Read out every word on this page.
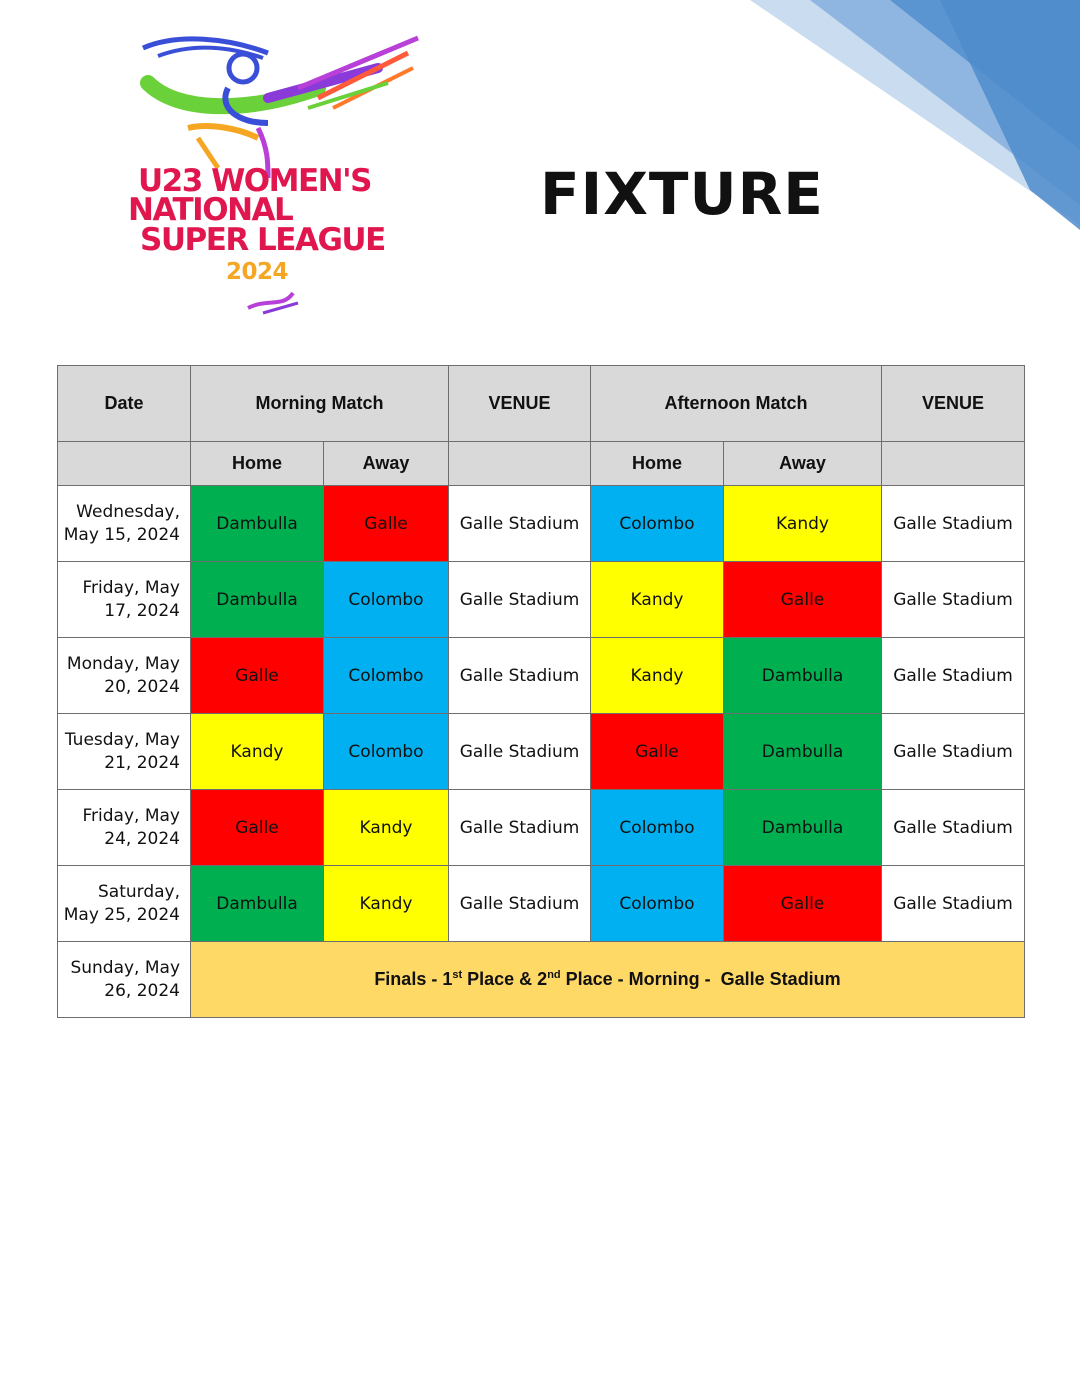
U23 WOMEN'S
NATIONAL
SUPER LEAGUE
2024
FIXTURE
Date	Morning Match		VENUE	Afternoon Match		VENUE
	Home	Away		Home	Away	
Wednesday,
May 15, 2024	Dambulla	Galle	Galle Stadium	Colombo	Kandy	Galle Stadium
Friday, May
17, 2024	Dambulla	Colombo	Galle Stadium	Kandy	Galle	Galle Stadium
Monday, May
20, 2024	Galle	Colombo	Galle Stadium	Kandy	Dambulla	Galle Stadium
Tuesday, May
21, 2024	Kandy	Colombo	Galle Stadium	Galle	Dambulla	Galle Stadium
Friday, May
24, 2024	Galle	Kandy	Galle Stadium	Colombo	Dambulla	Galle Stadium
Saturday,
May 25, 2024	Dambulla	Kandy	Galle Stadium	Colombo	Galle	Galle Stadium
Sunday, May
26, 2024	Finals - 1st Place & 2nd Place - Morning -  Galle Stadium					
